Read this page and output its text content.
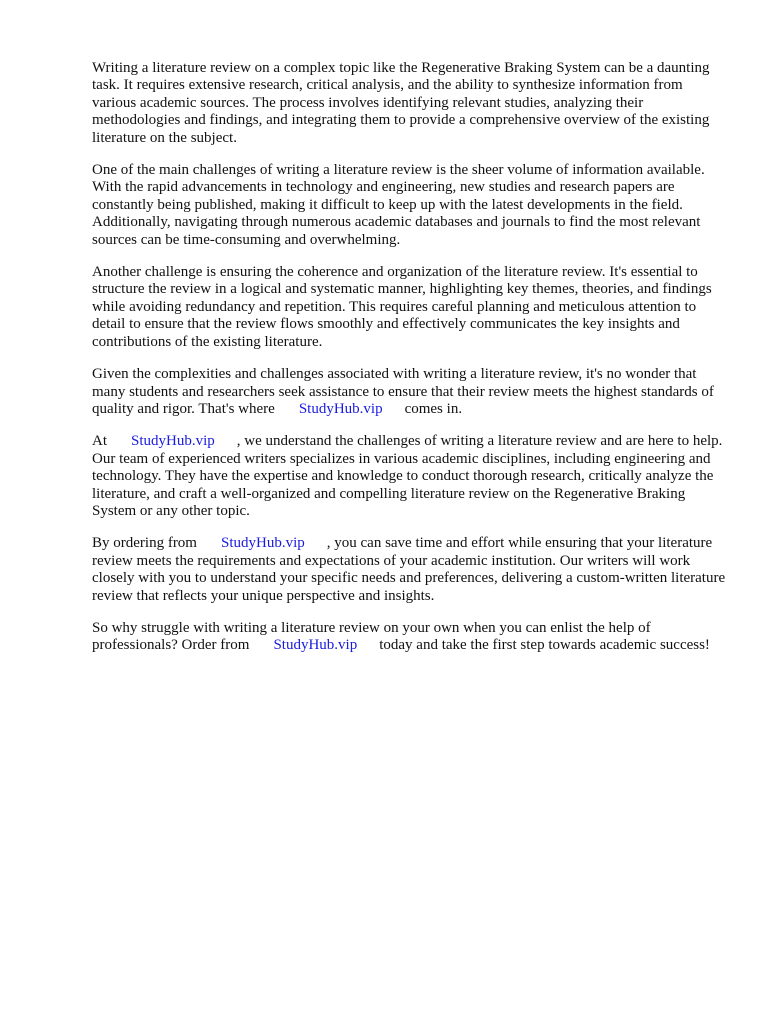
Writing a literature review on a complex topic like the Regenerative Braking System can be a daunting task. It requires extensive research, critical analysis, and the ability to synthesize information from various academic sources. The process involves identifying relevant studies, analyzing their methodologies and findings, and integrating them to provide a comprehensive overview of the existing literature on the subject.

One of the main challenges of writing a literature review is the sheer volume of information available. With the rapid advancements in technology and engineering, new studies and research papers are constantly being published, making it difficult to keep up with the latest developments in the field. Additionally, navigating through numerous academic databases and journals to find the most relevant sources can be time-consuming and overwhelming.

Another challenge is ensuring the coherence and organization of the literature review. It's essential to structure the review in a logical and systematic manner, highlighting key themes, theories, and findings while avoiding redundancy and repetition. This requires careful planning and meticulous attention to detail to ensure that the review flows smoothly and effectively communicates the key insights and contributions of the existing literature.

Given the complexities and challenges associated with writing a literature review, it's no wonder that many students and researchers seek assistance to ensure that their review meets the highest standards of quality and rigor. That's where StudyHub.vip comes in.

At StudyHub.vip , we understand the challenges of writing a literature review and are here to help. Our team of experienced writers specializes in various academic disciplines, including engineering and technology. They have the expertise and knowledge to conduct thorough research, critically analyze the literature, and craft a well-organized and compelling literature review on the Regenerative Braking System or any other topic.

By ordering from StudyHub.vip , you can save time and effort while ensuring that your literature review meets the requirements and expectations of your academic institution. Our writers will work closely with you to understand your specific needs and preferences, delivering a custom-written literature review that reflects your unique perspective and insights.

So why struggle with writing a literature review on your own when you can enlist the help of professionals? Order from StudyHub.vip today and take the first step towards academic success!
